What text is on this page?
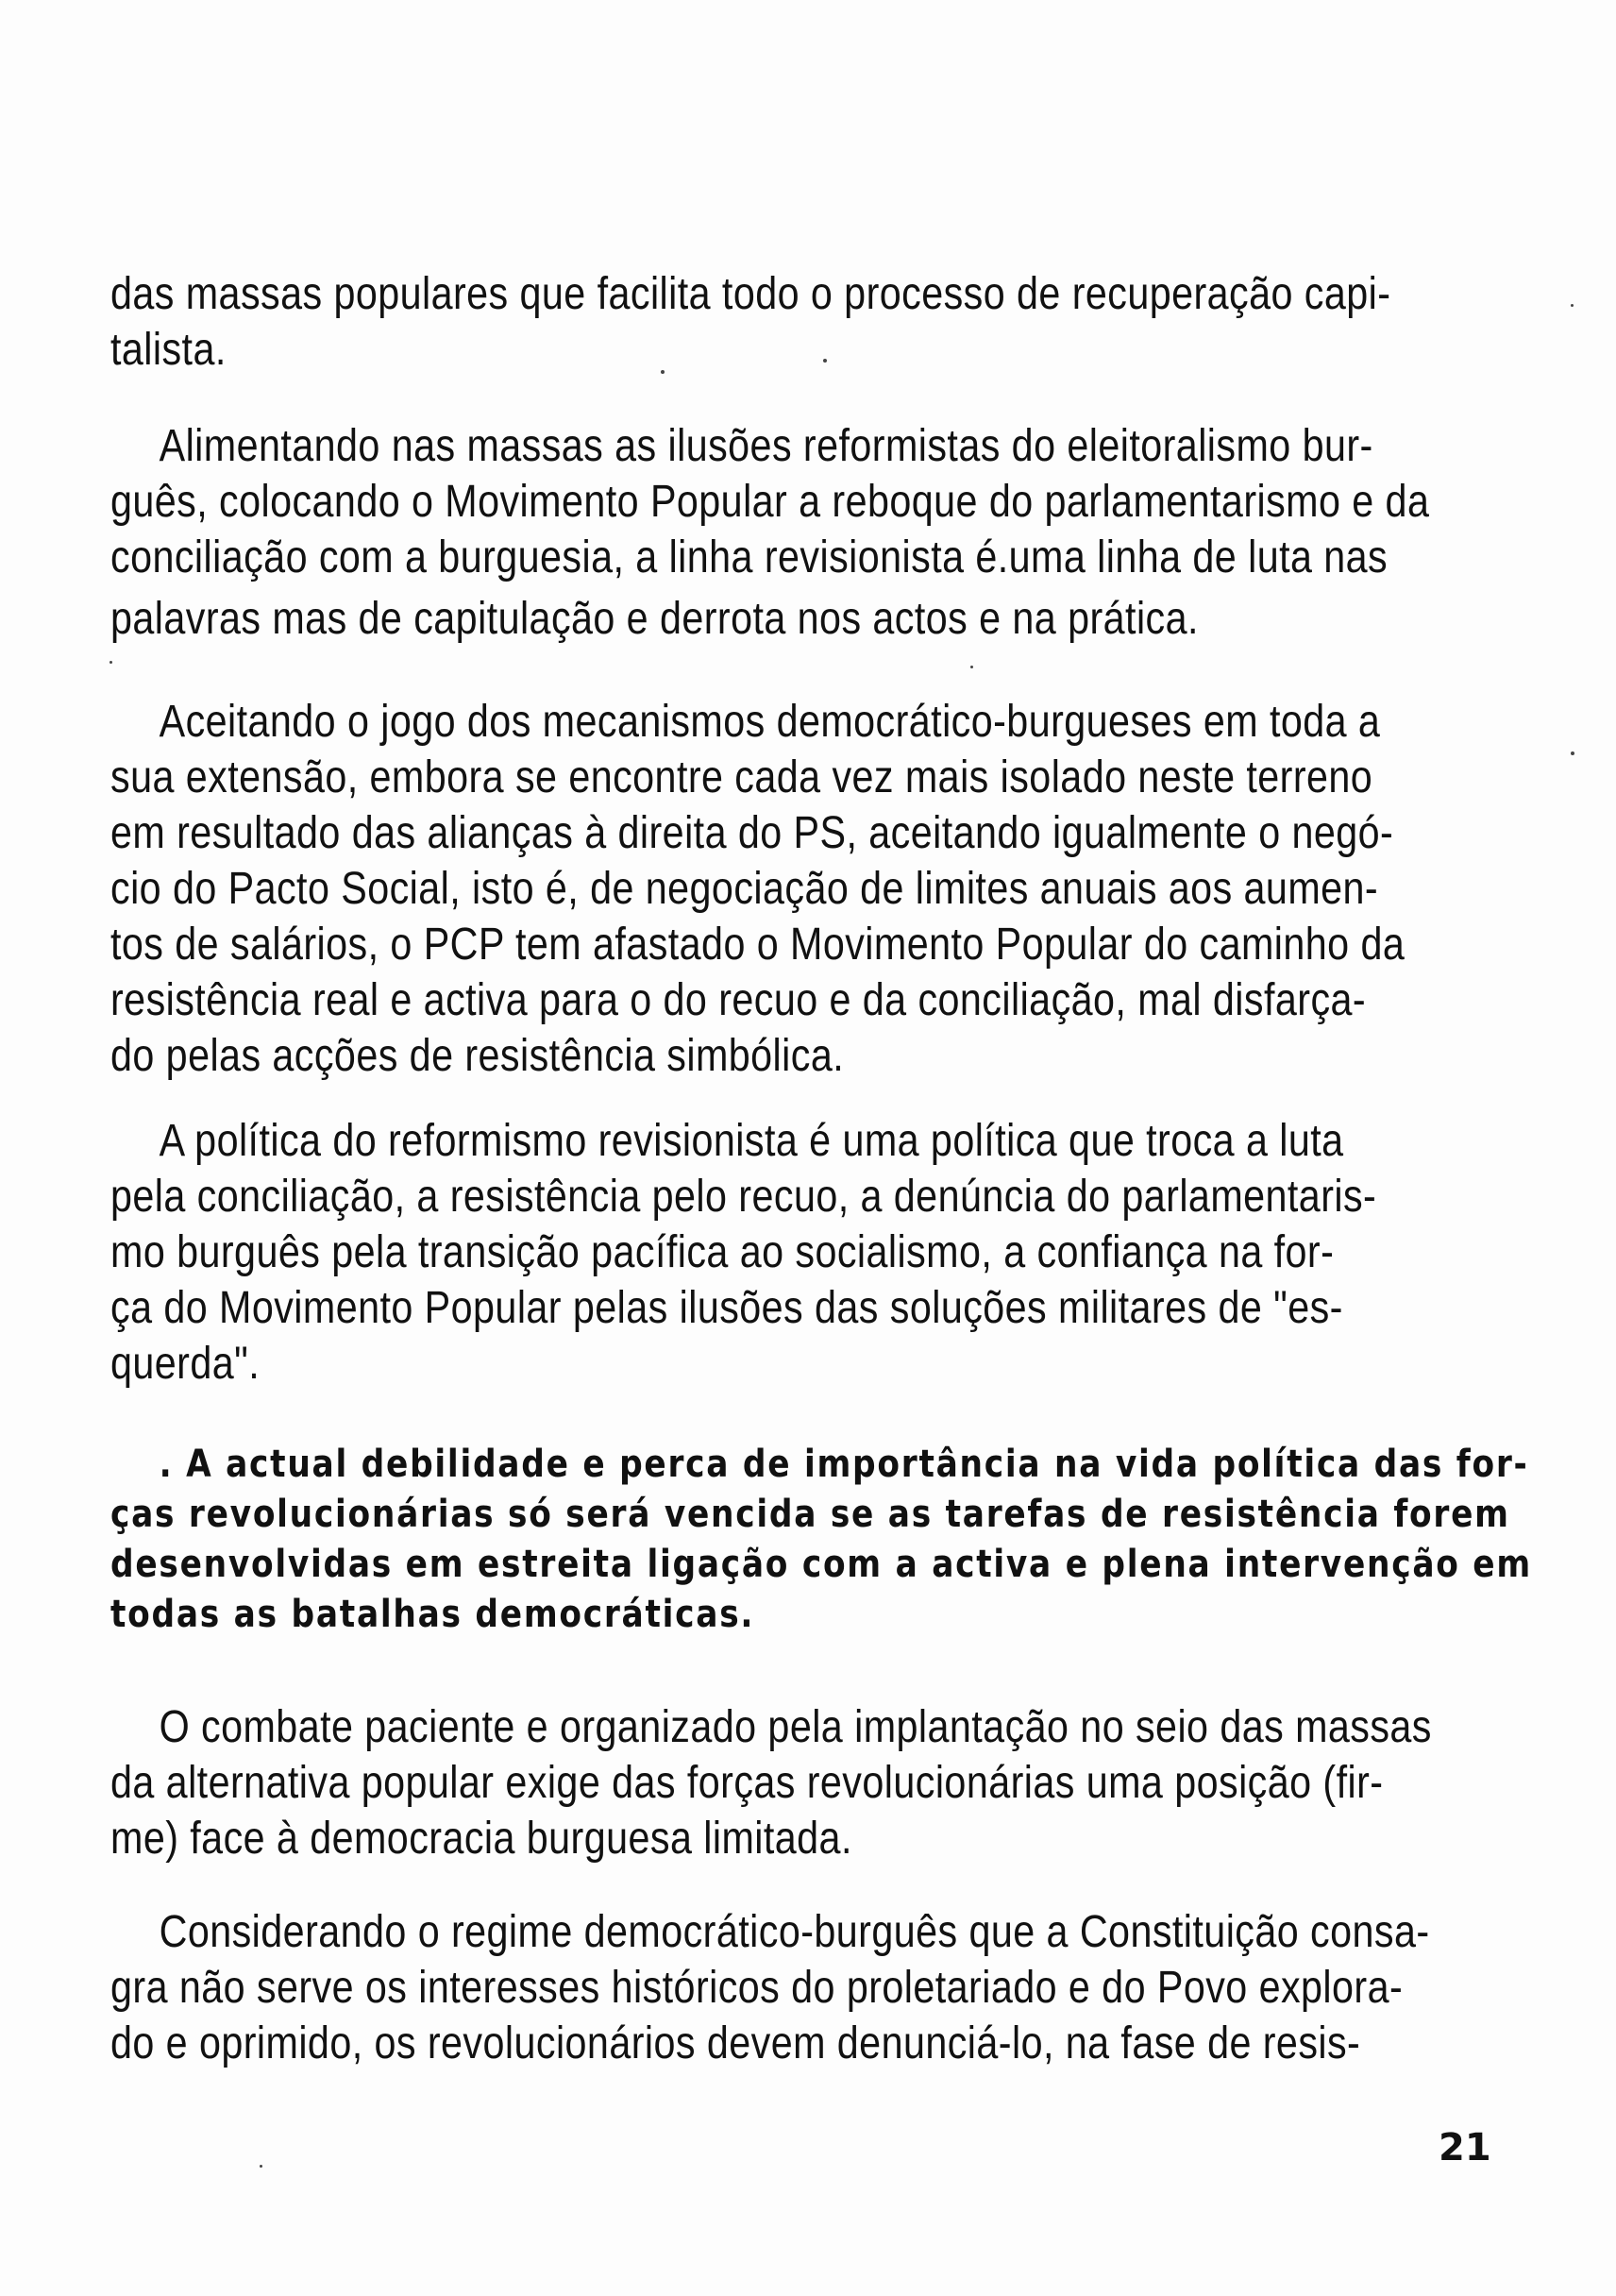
das massas populares que facilita todo o processo de recuperação capi-
talista.

Alimentando nas massas as ilusões reformistas do eleitoralismo bur-
guês, colocando o Movimento Popular a reboque do parlamentarismo e da
conciliação com a burguesia, a linha revisionista é.uma linha de luta nas
palavras mas de capitulação e derrota nos actos e na prática.

Aceitando o jogo dos mecanismos democrático-burgueses em toda a
sua extensão, embora se encontre cada vez mais isolado neste terreno
em resultado das alianças à direita do PS, aceitando igualmente o negó-
cio do Pacto Social, isto é, de negociação de limites anuais aos aumen-
tos de salários, o PCP tem afastado o Movimento Popular do caminho da
resistência real e activa para o do recuo e da conciliação, mal disfarça-
do pelas acções de resistência simbólica.

A política do reformismo revisionista é uma política que troca a luta
pela conciliação, a resistência pelo recuo, a denúncia do parlamentaris-
mo burguês pela transição pacífica ao socialismo, a confiança na for-
ça do Movimento Popular pelas ilusões das soluções militares de "es-
querda".

. A actual debilidade e perca de importância na vida política das for-
ças revolucionárias só será vencida se as tarefas de resistência forem
desenvolvidas em estreita ligação com a activa e plena intervenção em
todas as batalhas democráticas.

O combate paciente e organizado pela implantação no seio das massas
da alternativa popular exige das forças revolucionárias uma posição (fir-
me) face à democracia burguesa limitada.

Considerando o regime democrático-burguês que a Constituição consa-
gra não serve os interesses históricos do proletariado e do Povo explora-
do e oprimido, os revolucionários devem denunciá-lo, na fase de resis-

21
